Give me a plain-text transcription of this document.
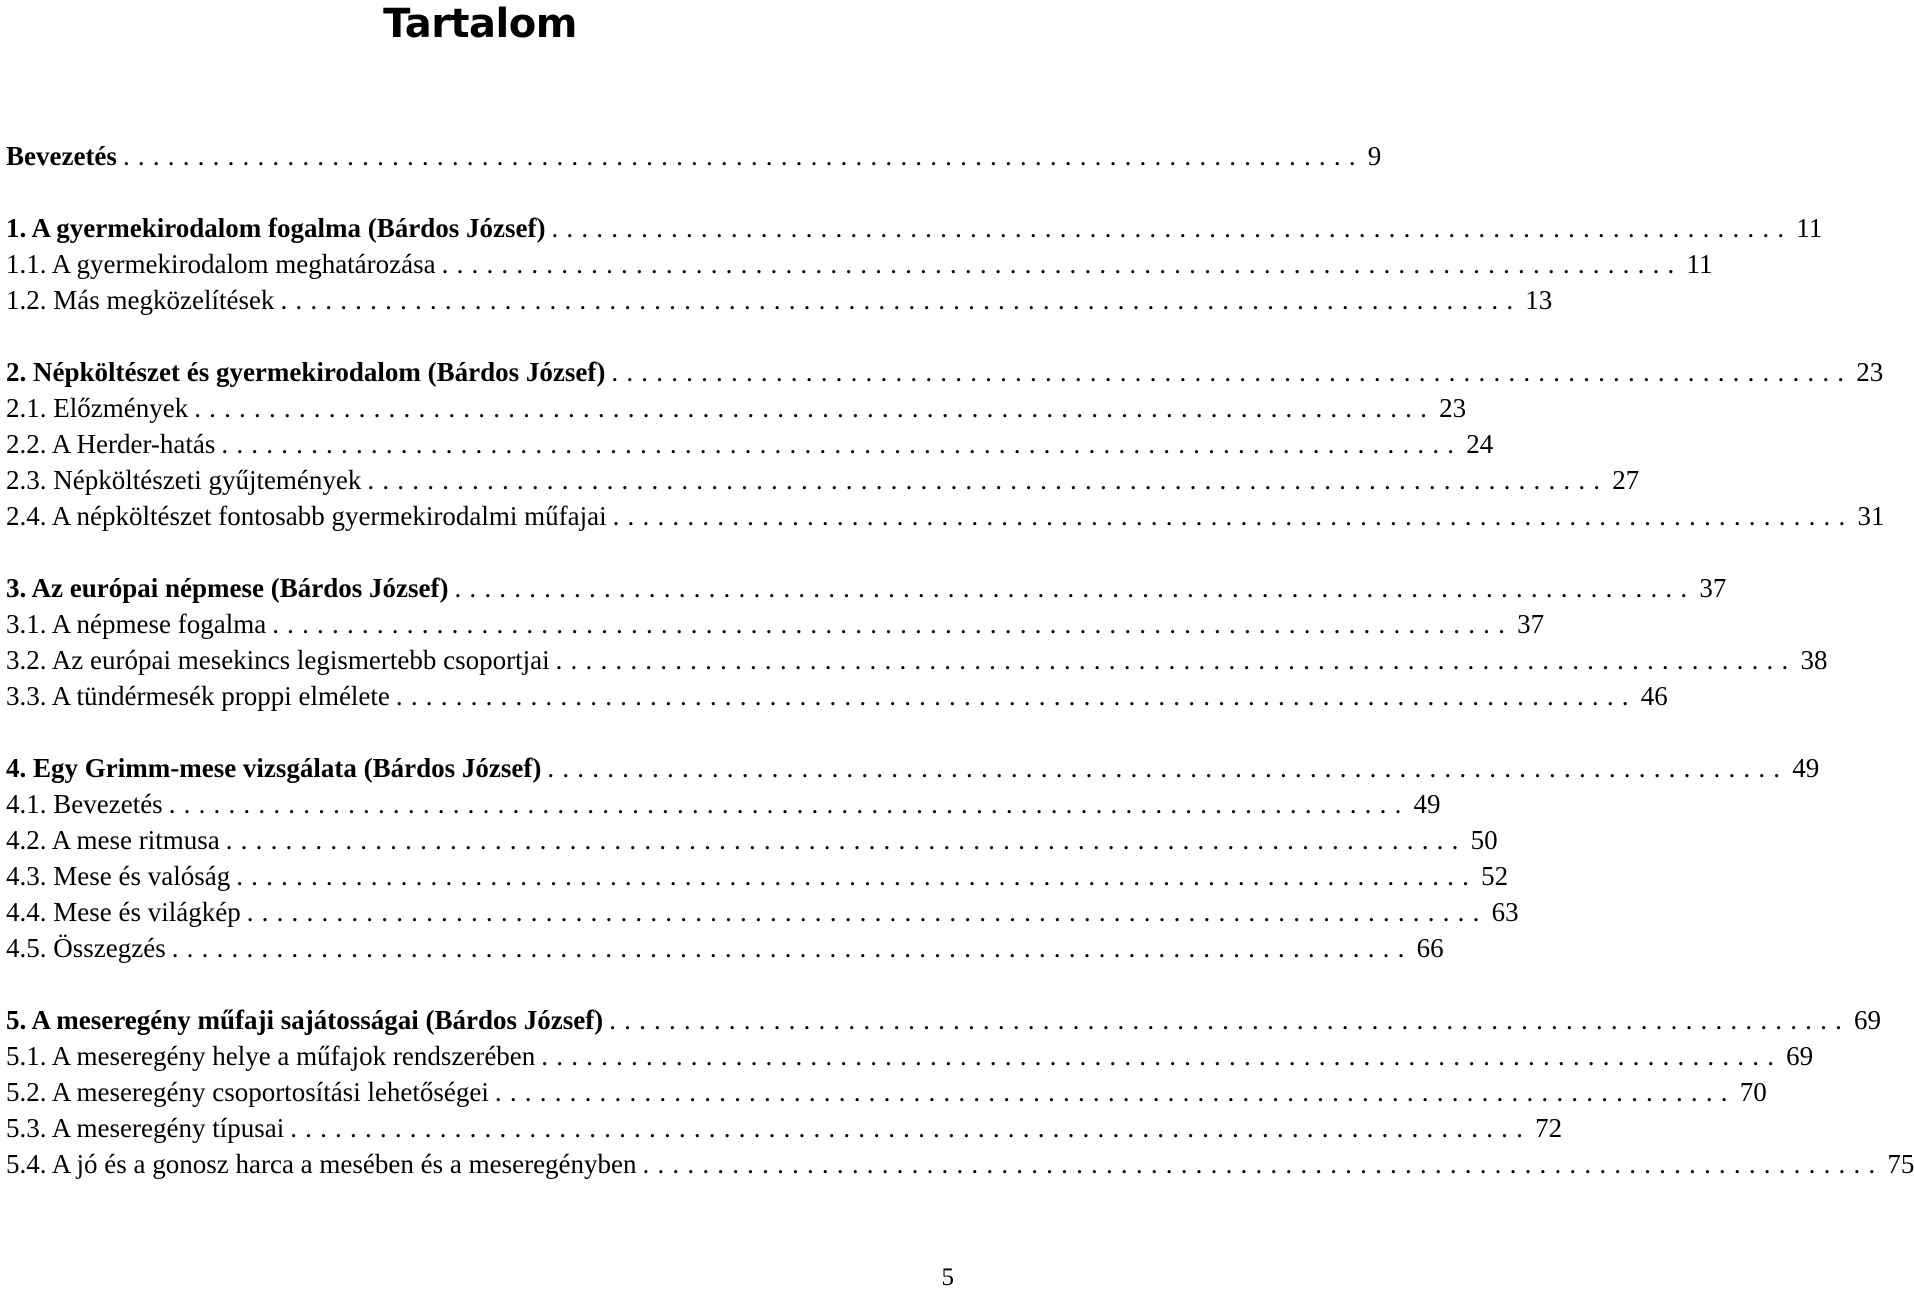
Tartalom
Bevezetés ................................................................................... 9
1. A gyermekirodalom fogalma (Bárdos József) ................................................................................... 11
1.1. A gyermekirodalom meghatározása ................................................................................... 11
1.2. Más megközelítések ................................................................................... 13
2. Népköltészet és gyermekirodalom (Bárdos József) ................................................................................... 23
2.1. Előzmények ................................................................................... 23
2.2. A Herder-hatás ................................................................................... 24
2.3. Népköltészeti gyűjtemények ................................................................................... 27
2.4. A népköltészet fontosabb gyermekirodalmi műfajai ................................................................................... 31
3. Az európai népmese (Bárdos József) ................................................................................... 37
3.1. A népmese fogalma ................................................................................... 37
3.2. Az európai mesekincs legismertebb csoportjai ................................................................................... 38
3.3. A tündérmesék proppi elmélete ................................................................................... 46
4. Egy Grimm-mese vizsgálata (Bárdos József) ................................................................................... 49
4.1. Bevezetés ................................................................................... 49
4.2. A mese ritmusa ................................................................................... 50
4.3. Mese és valóság ................................................................................... 52
4.4. Mese és világkép ................................................................................... 63
4.5. Összegzés ................................................................................... 66
5. A meseregény műfaji sajátosságai (Bárdos József) ................................................................................... 69
5.1. A meseregény helye a műfajok rendszerében ................................................................................... 69
5.2. A meseregény csoportosítási lehetőségei ................................................................................... 70
5.3. A meseregény típusai ................................................................................... 72
5.4. A jó és a gonosz harca a mesében és a meseregényben ................................................................................... 75
5
